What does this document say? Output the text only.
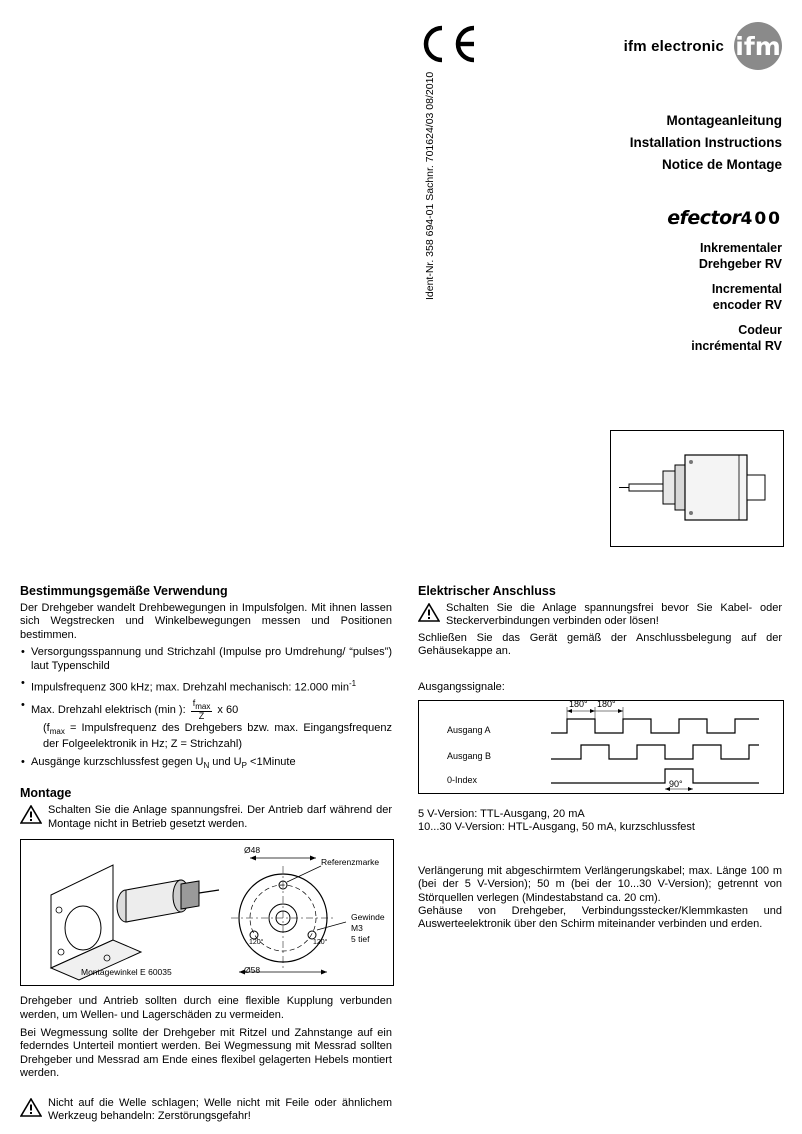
ifm electronic ifm
Montageanleitung
Installation Instructions
Notice de Montage
efector400
Inkrementaler
Drehgeber RV
Incremental
encoder RV
Codeur
incrémental RV
Ident-Nr. 358 694-01 Sachnr. 701624/03 08/2010
Bestimmungsgemäße Verwendung

Der Drehgeber wandelt Drehbewegungen in Impulsfolgen. Mit ihnen lassen sich Wegstrecken und Winkelbewegungen messen und Positionen bestimmen.

• Versorgungsspannung und Strichzahl (Impulse pro Umdrehung/ “pulses”) laut Typenschild
• Impulsfrequenz 300 kHz; max. Drehzahl mechanisch: 12.000 $\min^{-1}$
• Max. Drehzahl elektrisch (min ): $\frac{fmax}{Z}$ x 60
($f_{max}$ = Impulsfrequenz des Drehgebers bzw. max. Eingangsfrequenz der Folgeelektronik in Hz; Z = Strichzahl)
• Ausgänge kurzschlussfest gegen $U_N$ und $U_P$ <1Minute
Montage
Schalten Sie die Anlage spannungsfrei. Der Antrieb darf während der Montage nicht in Betrieb gesetzt werden.
120°
120°
Ø48
Ø58
Referenzmarke
Gewinde
M3
5 tief
Montagewinkel E 60035

Drehgeber und Antrieb sollten durch eine flexible Kupplung verbunden werden, um Wellen- und Lagerschäden zu vermeiden.

Bei Wegmessung sollte der Drehgeber mit Ritzel und Zahnstange auf ein federndes Unterteil montiert werden. Bei Wegmessung mit Messrad sollten Drehgeber und Messrad am Ende eines flexibel gelagerten Hebels montiert werden.

Nicht auf die Welle schlagen; Welle nicht mit Feile oder ähnlichem Werkzeug behandeln: Zerstörungsgefahr!
Elektrischer Anschluss
Schalten Sie die Anlage spannungsfrei bevor Sie Kabel- oder Steckerverbindungen verbinden oder lösen!

Schließen Sie das Gerät gemäß der Anschlussbelegung auf der Gehäusekappe an.

Ausgangssignale:

Ausgang A
Ausgang B
0-Index
180° 180°
90°

5 V-Version: TTL-Ausgang, 20 mA

10...30 V-Version: HTL-Ausgang, 50 mA, kurzschlussfest

Verlängerung mit abgeschirmtem Verlängerungskabel; max. Länge 100 m (bei der 5 V-Version); 50 m (bei der 10...30 V-Version); getrennt von Störquellen verlegen (Mindestabstand ca. 20 cm).

Gehäuse von Drehgeber, Verbindungsstecker/Klemmkasten und Auswerteelektronik über den Schirm miteinander verbinden und erden.
